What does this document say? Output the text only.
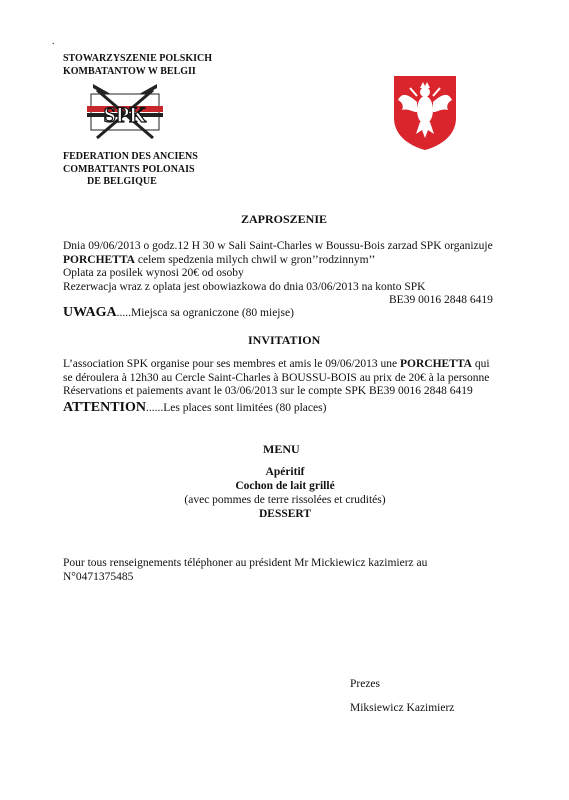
.
STOWARZYSZENIE POLSKICH
KOMBATANTOW W BELGII
SPK
FEDERATION DES ANCIENS
COMBATTANTS POLONAIS
DE BELGIQUE
ZAPROSZENIE
Dnia 09/06/2013 o godz.12 H 30 w Sali Saint-Charles w Boussu-Bois zarzad SPK organizuje
PORCHETTA celem spedzenia milych chwil w gron’’rodzinnym’’
Oplata za posilek wynosi 20€ od osoby
Rezerwacja wraz z oplata jest obowiazkowa do dnia 03/06/2013 na konto SPK
BE39 0016 2848 6419
UWAGA.....Miejsca sa ograniczone (80 miejse)
INVITATION
L’association SPK organise pour ses membres et amis le 09/06/2013 une PORCHETTA qui
se déroulera à 12h30 au Cercle Saint-Charles à BOUSSU-BOIS au prix de 20€ à la personne
Réservations et paiements avant le 03/06/2013 sur le compte SPK BE39 0016 2848 6419
ATTENTION......Les places sont limitées (80 places)
MENU
Apéritif
Cochon de lait grillé
(avec pommes de terre rissolées et crudités)
DESSERT
Pour tous renseignements téléphoner au président Mr Mickiewicz kazimierz au
N°0471375485
Prezes
Miksiewicz Kazimierz
